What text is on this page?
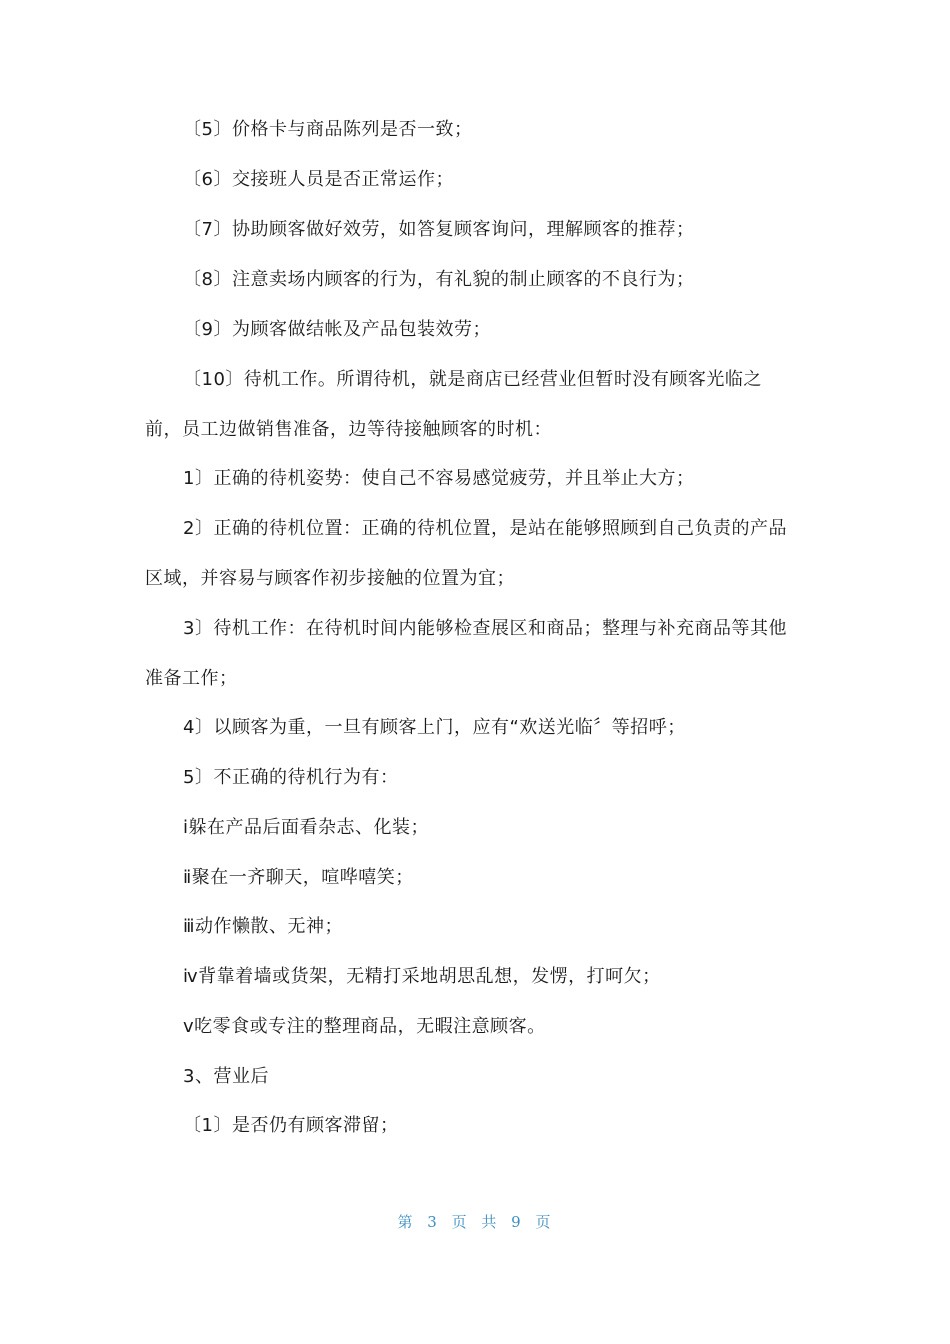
〔5〕价格卡与商品陈列是否一致；
〔6〕交接班人员是否正常运作；
〔7〕协助顾客做好效劳，如答复顾客询问，理解顾客的推荐；
〔8〕注意卖场内顾客的行为，有礼貌的制止顾客的不良行为；
〔9〕为顾客做结帐及产品包装效劳；
〔10〕待机工作。所谓待机，就是商店已经营业但暂时没有顾客光临之
前，员工边做销售准备，边等待接触顾客的时机：
1〕正确的待机姿势：使自己不容易感觉疲劳，并且举止大方；
2〕正确的待机位置：正确的待机位置，是站在能够照顾到自己负责的产品
区域，并容易与顾客作初步接触的位置为宜；
3〕待机工作：在待机时间内能够检查展区和商品；整理与补充商品等其他
准备工作；
4〕以顾客为重，一旦有顾客上门，应有“欢送光临〞等招呼；
5〕不正确的待机行为有：
ⅰ躲在产品后面看杂志、化装；
ⅱ聚在一齐聊天，喧哗嘻笑；
ⅲ动作懒散、无神；
ⅳ背靠着墙或货架，无精打采地胡思乱想，发愣，打呵欠；
ⅴ吃零食或专注的整理商品，无暇注意顾客。
3、营业后
〔1〕是否仍有顾客滞留；
第 3 页 共 9 页
